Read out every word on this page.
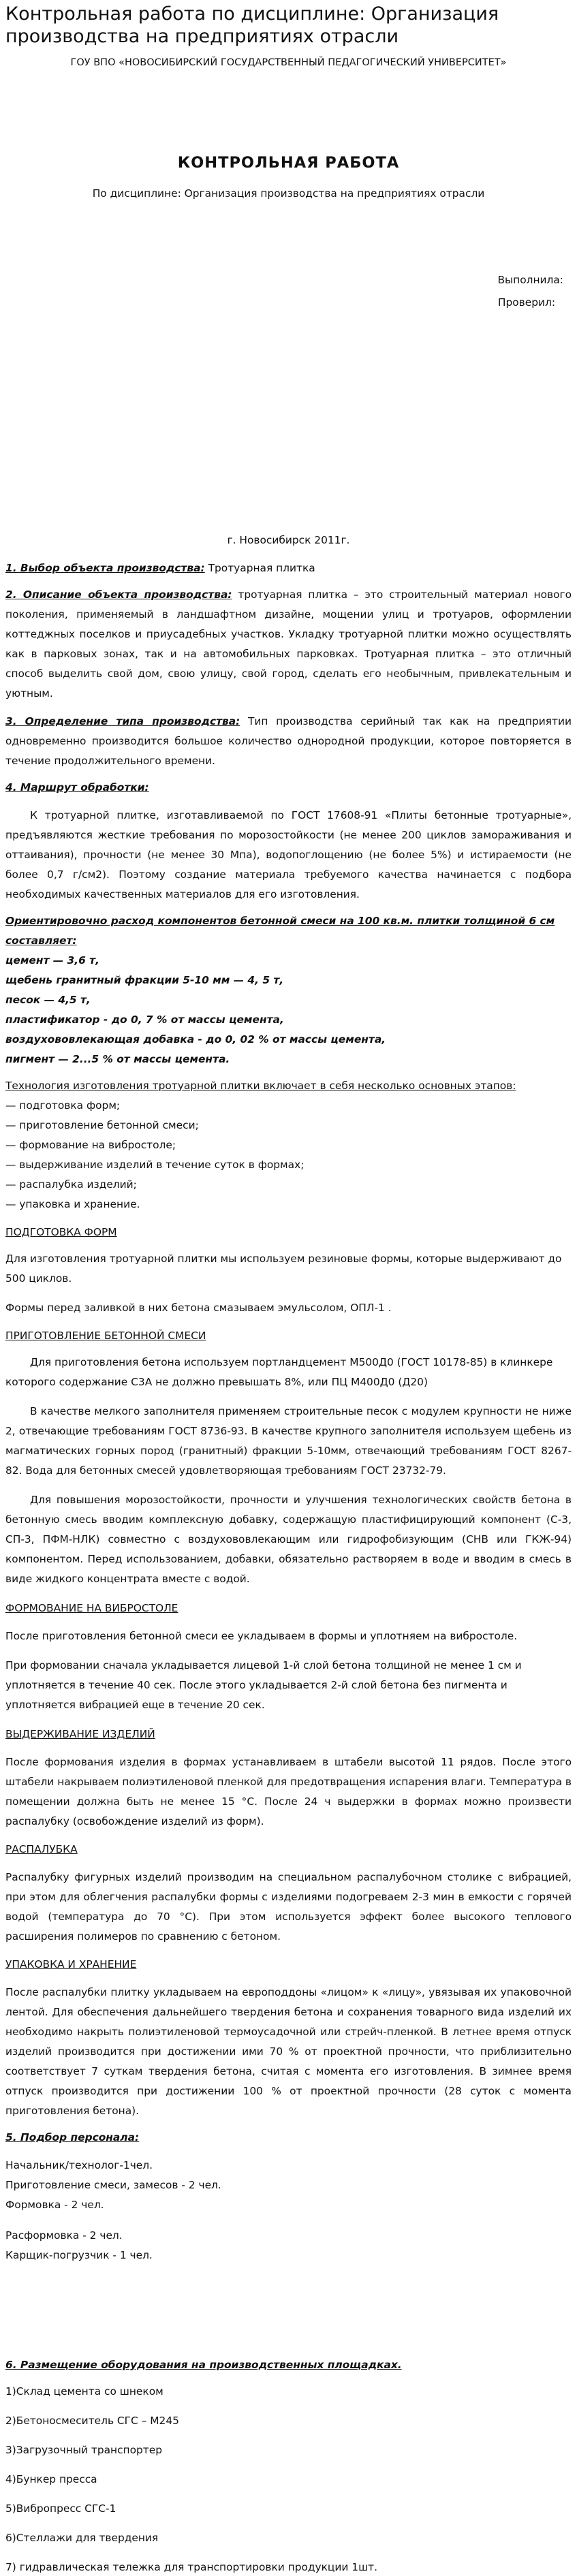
Контрольная работа по дисциплине: Организация производства на предприятиях отрасли

ГОУ ВПО «НОВОСИБИРСКИЙ ГОСУДАРСТВЕННЫЙ ПЕДАГОГИЧЕСКИЙ УНИВЕРСИТЕТ»

КОНТРОЛЬНАЯ РАБОТА

По дисциплине: Организация производства на предприятиях отрасли

Выполнила:

Проверил:

г. Новосибирск 2011г.

1. Выбор объекта производства: Тротуарная плитка

2. Описание объекта производства: тротуарная плитка – это строительный материал нового поколения, применяемый в ландшафтном дизайне, мощении улиц и тротуаров, оформлении коттеджных поселков и приусадебных участков. Укладку тротуарной плитки можно осуществлять как в парковых зонах, так и на автомобильных парковках. Тротуарная плитка – это отличный способ выделить свой дом, свою улицу, свой город, сделать его необычным, привлекательным и уютным.

3. Определение типа производства: Тип производства серийный так как на предприятии одновременно производится большое количество однородной продукции, которое повторяется в течение продолжительного времени.

4. Маршрут обработки:

К тротуарной плитке, изготавливаемой по ГОСТ 17608-91 «Плиты бетонные тротуарные», предъявляются жесткие требования по морозостойкости (не менее 200 циклов замораживания и оттаивания), прочности (не менее 30 Мпа), водопоглощению (не более 5%) и истираемости (не более 0,7 г/см2). Поэтому создание материала требуемого качества начинается с подбора необходимых качественных материалов для его изготовления.

Ориентировочно расход компонентов бетонной смеси на 100 кв.м. плитки толщиной 6 см составляет:

цемент — 3,6 т,

щебень гранитный фракции 5-10 мм — 4, 5 т,

песок — 4,5 т,

пластификатор - до 0, 7 % от массы цемента,

воздухововлекающая добавка - до 0, 02 % от массы цемента,

пигмент — 2...5 % от массы цемента.

Технология изготовления тротуарной плитки включает в себя несколько основных этапов:

— подготовка форм;

— приготовление бетонной смеси;

— формование на вибростоле;

— выдерживание изделий в течение суток в формах;

— распалубка изделий;

— упаковка и хранение.

ПОДГОТОВКА ФОРМ

Для изготовления тротуарной плитки мы используем резиновые формы, которые выдерживают до 500 циклов.

Формы перед заливкой в них бетона смазываем эмульсолом, ОПЛ-1 .

ПРИГОТОВЛЕНИЕ БЕТОННОЙ СМЕСИ

Для приготовления бетона используем портландцемент М500Д0 (ГОСТ 10178-85) в клинкере которого содержание С3А не должно превышать 8%, или ПЦ М400Д0 (Д20)

В качестве мелкого заполнителя применяем строительные песок с модулем крупности не ниже 2, отвечающие требованиям ГОСТ 8736-93. В качестве крупного заполнителя используем щебень из магматических горных пород (гранитный) фракции 5-10мм, отвечающий требованиям ГОСТ 8267-82. Вода для бетонных смесей удовлетворяющая требованиям ГОСТ 23732-79.

Для повышения морозостойкости, прочности и улучшения технологических свойств бетона в бетонную смесь вводим комплексную добавку, содержащую пластифицирующий компонент (С-3, СП-3, ПФМ-НЛК) совместно с воздухововлекающим или гидрофобизующим (СНВ или ГКЖ-94) компонентом. Перед использованием, добавки, обязательно растворяем в воде и вводим в смесь в виде жидкого концентрата вместе с водой.

ФОРМОВАНИЕ НА ВИБРОСТОЛЕ

После приготовления бетонной смеси ее укладываем в формы и уплотняем на вибростоле.

При формовании сначала укладывается лицевой 1-й слой бетона толщиной не менее 1 см и уплотняется в течение 40 сек. После этого укладывается 2-й слой бетона без пигмента и уплотняется вибрацией еще в течение 20 сек.

ВЫДЕРЖИВАНИЕ ИЗДЕЛИЙ

После формования изделия в формах устанавливаем в штабели высотой 11 рядов. После этого штабели накрываем полиэтиленовой пленкой для предотвращения испарения влаги. Температура в помещении должна быть не менее 15 °С. После 24 ч выдержки в формах можно произвести распалубку (освобождение изделий из форм).

РАСПАЛУБКА

Распалубку фигурных изделий производим на специальном распалубочном столике с вибрацией, при этом для облегчения распалубки формы с изделиями подогреваем 2-3 мин в емкости с горячей водой (температура до 70 °С). При этом используется эффект более высокого теплового расширения полимеров по сравнению с бетоном.

УПАКОВКА И ХРАНЕНИЕ

После распалубки плитку укладываем на европоддоны «лицом» к «лицу», увязывая их упаковочной лентой. Для обеспечения дальнейшего твердения бетона и сохранения товарного вида изделий их необходимо накрыть полиэтиленовой термоусадочной или стрейч-пленкой. В летнее время отпуск изделий производится при достижении ими 70 % от проектной прочности, что приблизительно соответствует 7 суткам твердения бетона, считая с момента его изготовления. В зимнее время отпуск производится при достижении 100 % от проектной прочности (28 суток с момента приготовления бетона).

5. Подбор персонала:

Начальник/технолог-1чел.

Приготовление смеси, замесов - 2 чел.

Формовка - 2 чел.

Расформовка - 2 чел.

Карщик-погрузчик - 1 чел.

6. Размещение оборудования на производственных площадках.

1)Склад цемента со шнеком

2)Бетоносмеситель СГС – М245

3)Загрузочный транспортер

4)Бункер пресса

5)Вибропресс СГС-1

6)Стеллажи для твердения

7) гидравлическая тележка для транспортировки продукции 1шт.
